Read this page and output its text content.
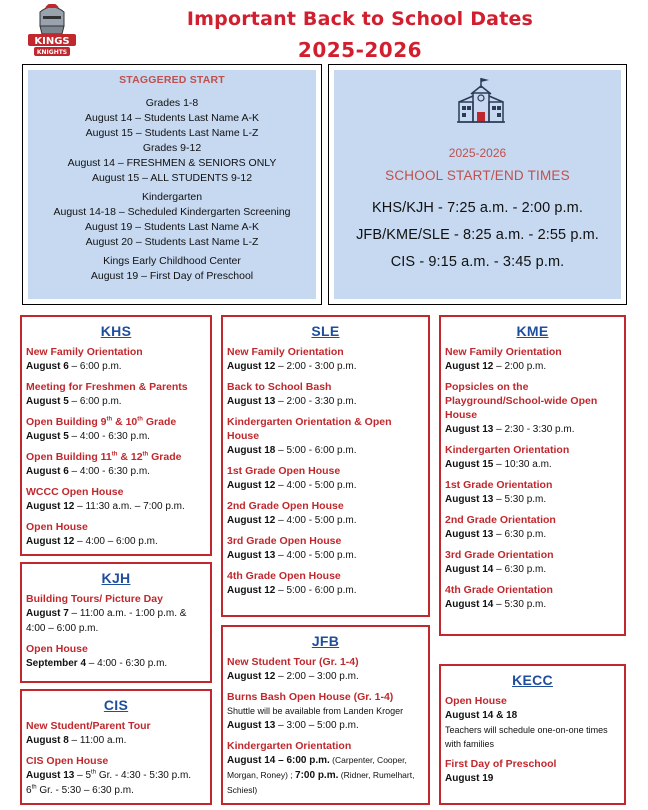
KINGS
KNIGHTS
Important Back to School Dates
2025-2026
STAGGERED START
Grades 1-8
August 14 – Students Last Name A-K
August 15 – Students Last Name L-Z
Grades 9-12
August 14 – FRESHMEN & SENIORS ONLY
August 15 – ALL STUDENTS 9-12
Kindergarten
August 14-18 – Scheduled Kindergarten Screening
August 19 – Students Last Name A-K
August 20 – Students Last Name L-Z
Kings Early Childhood Center
August 19 – First Day of Preschool
2025-2026
SCHOOL START/END TIMES
KHS/KJH - 7:25 a.m. - 2:00 p.m.
JFB/KME/SLE - 8:25 a.m. - 2:55 p.m.
CIS - 9:15 a.m. - 3:45 p.m.
KHS
New Family Orientation
August 6 – 6:00 p.m.
Meeting for Freshmen & Parents
August 5 – 6:00 p.m.
Open Building 9th & 10th Grade
August 5 – 4:00 - 6:30 p.m.
Open Building 11th & 12th Grade
August 6 – 4:00 - 6:30 p.m.
WCCC Open House
August 12 – 11:30 a.m. – 7:00 p.m.
Open House
August 12 – 4:00 – 6:00 p.m.
KJH
Building Tours/ Picture Day
August 7 – 11:00 a.m. - 1:00 p.m. &
4:00 – 6:00 p.m.
Open House
September 4 – 4:00 - 6:30 p.m.
CIS
New Student/Parent Tour
August 8 – 11:00 a.m.
CIS Open House
August 13 – 5th Gr. - 4:30 - 5:30 p.m.
6th Gr. - 5:30 – 6:30 p.m.
SLE
New Family Orientation
August 12 – 2:00 - 3:00 p.m.
Back to School Bash
August 13 – 2:00 - 3:30 p.m.
Kindergarten Orientation & Open House
August 18 – 5:00 - 6:00 p.m.
1st Grade Open House
August 12 – 4:00 - 5:00 p.m.
2nd Grade Open House
August 12 – 4:00 - 5:00 p.m.
3rd Grade Open House
August 13 – 4:00 - 5:00 p.m.
4th Grade Open House
August 12 – 5:00 - 6:00 p.m.
JFB
New Student Tour (Gr. 1-4)
August 12 – 2:00 – 3:00 p.m.
Burns Bash Open House (Gr. 1-4)
Shuttle will be available from Landen Kroger
August 13 – 3:00 – 5:00 p.m.
Kindergarten Orientation
August 14 – 6:00 p.m. (Carpenter, Cooper,
Morgan, Roney) ; 7:00 p.m. (Ridner, Rumelhart,
Schiesl)
KME
New Family Orientation
August 12 – 2:00 p.m.
Popsicles on the Playground/School-wide Open House
August 13 – 2:30 - 3:30 p.m.
Kindergarten Orientation
August 15 – 10:30 a.m.
1st Grade Orientation
August 13 – 5:30 p.m.
2nd Grade Orientation
August 13 – 6:30 p.m.
3rd Grade Orientation
August 14 – 6:30 p.m.
4th Grade Orientation
August 14 – 5:30 p.m.
KECC
Open House
August 14 & 18
Teachers will schedule one-on-one times with families
First Day of Preschool
August 19
